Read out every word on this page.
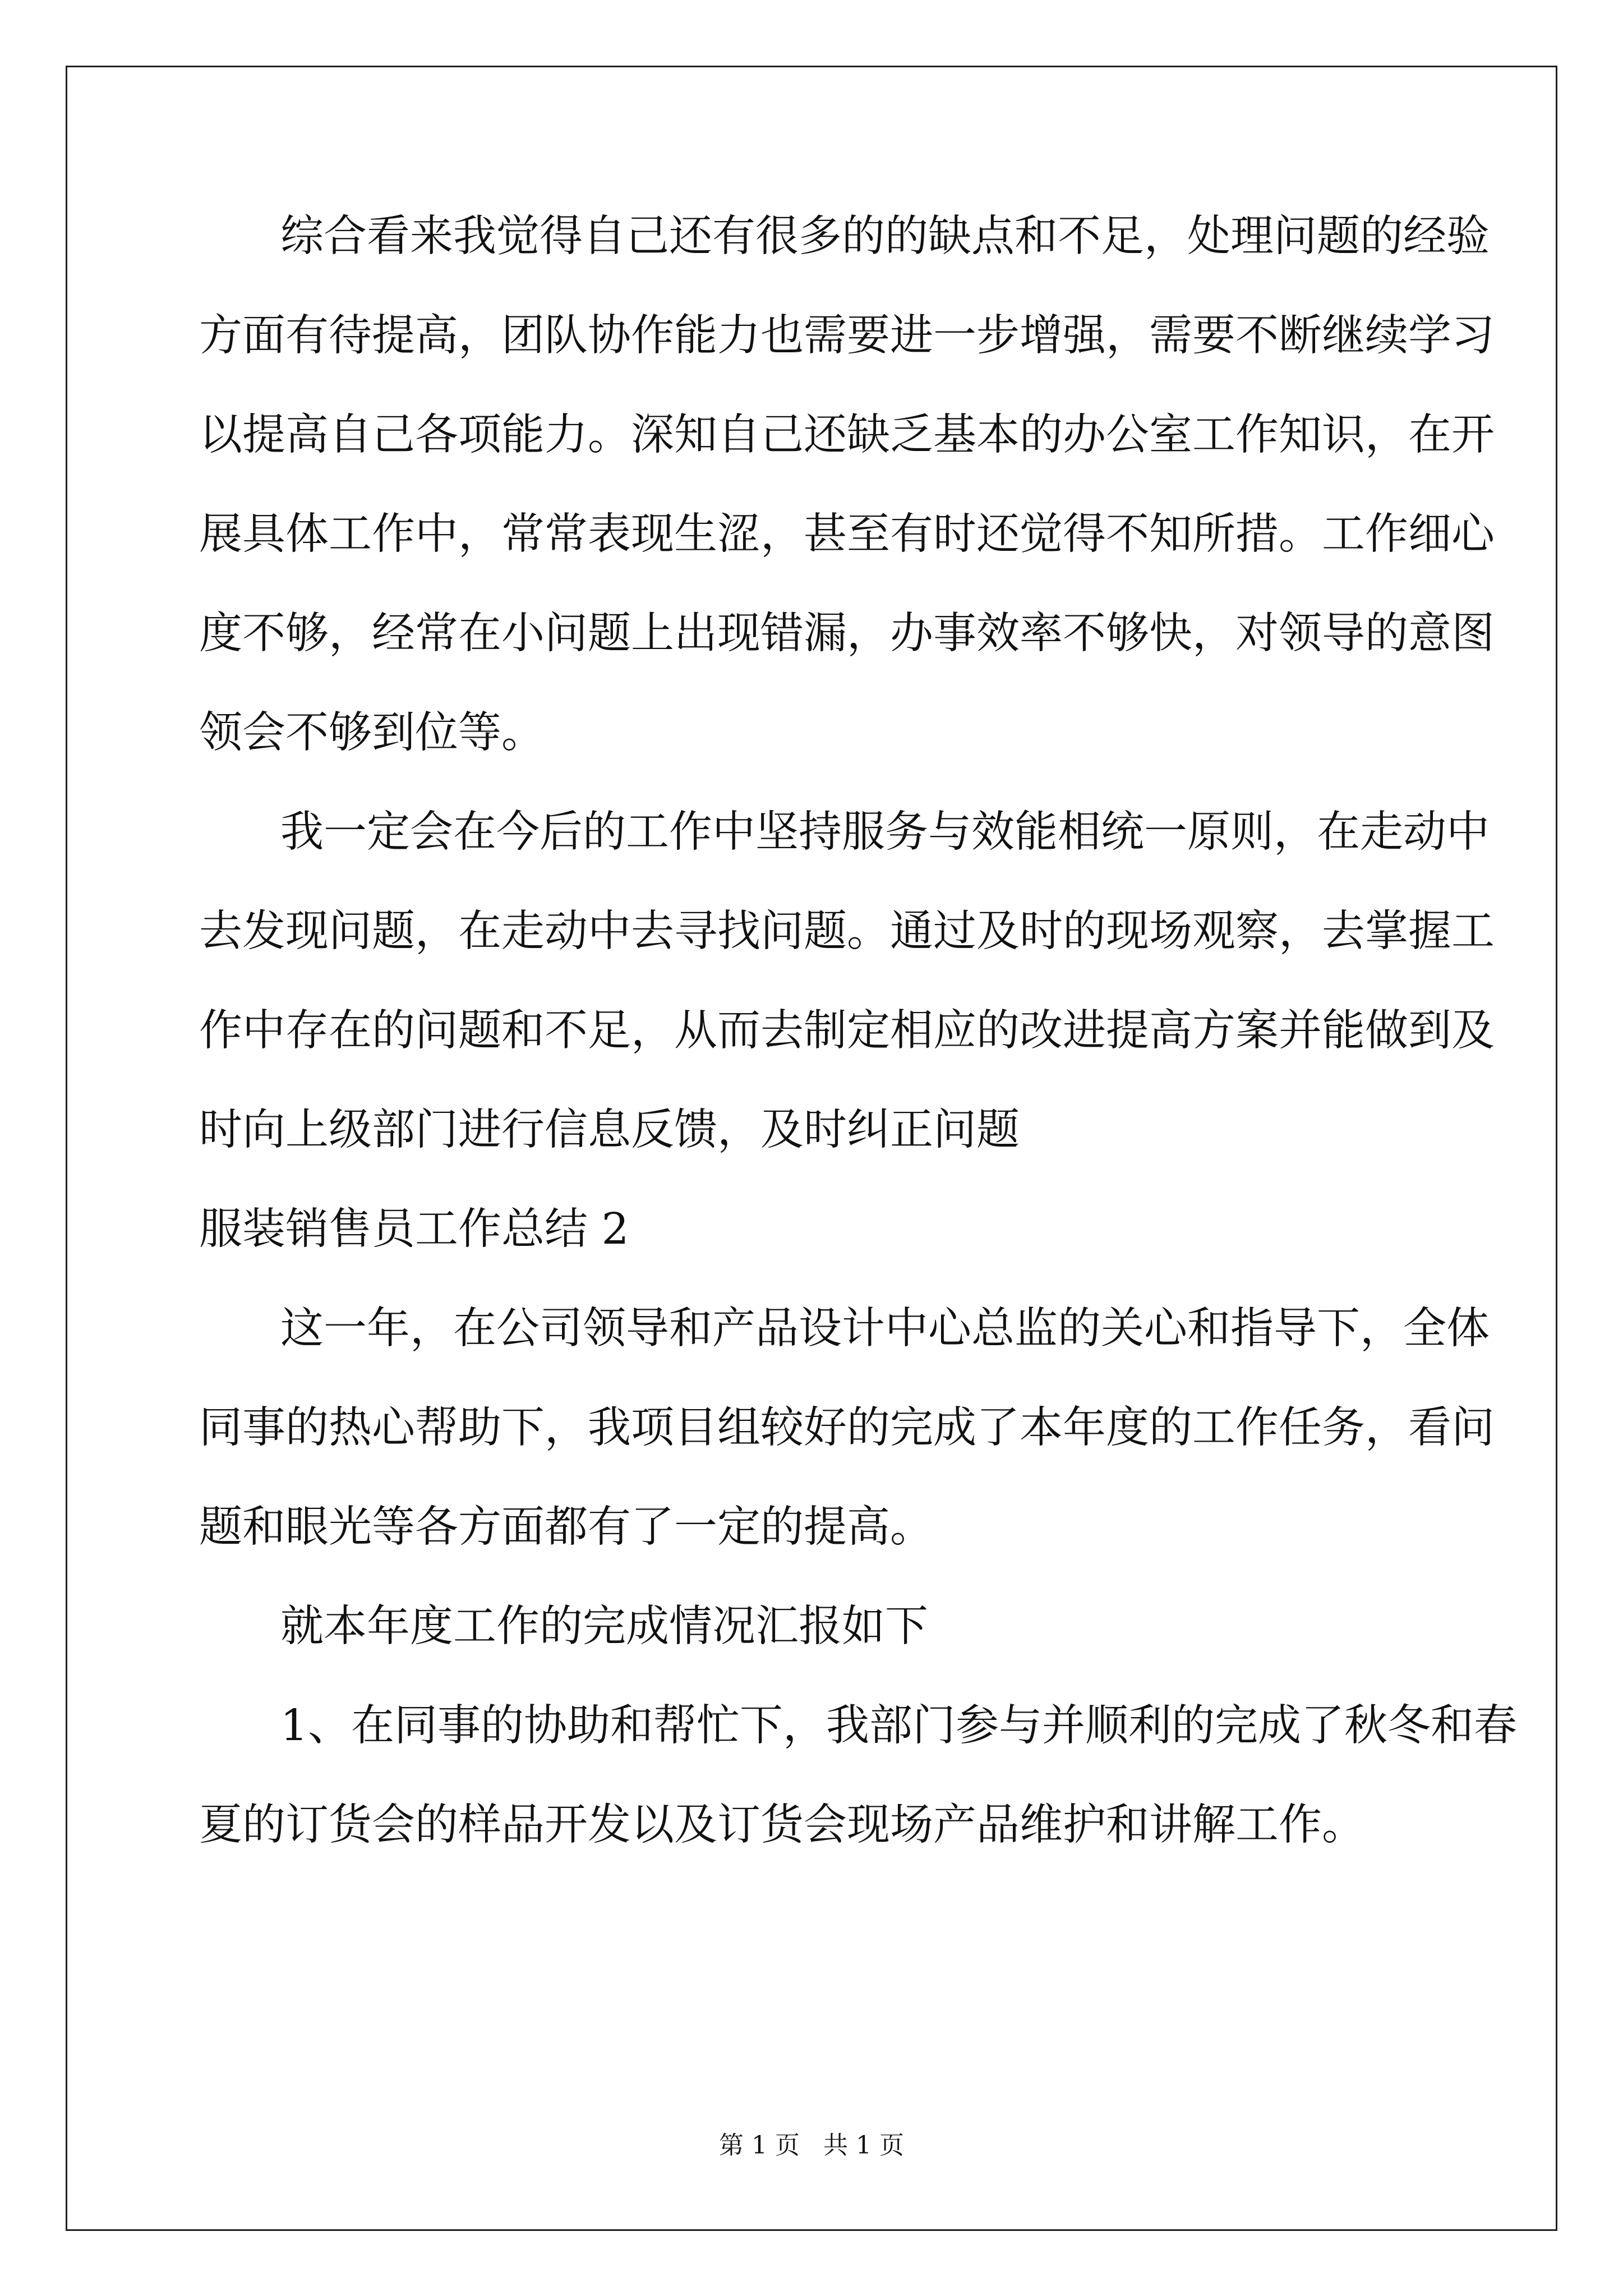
综合看来我觉得自己还有很多的的缺点和不足，处理问题的经验
方面有待提高，团队协作能力也需要进一步增强，需要不断继续学习
以提高自己各项能力。深知自己还缺乏基本的办公室工作知识，在开
展具体工作中，常常表现生涩，甚至有时还觉得不知所措。工作细心
度不够，经常在小问题上出现错漏，办事效率不够快，对领导的意图
领会不够到位等。
我一定会在今后的工作中坚持服务与效能相统一原则，在走动中
去发现问题，在走动中去寻找问题。通过及时的现场观察，去掌握工
作中存在的问题和不足，从而去制定相应的改进提高方案并能做到及
时向上级部门进行信息反馈，及时纠正问题
服装销售员工作总结 2
这一年，在公司领导和产品设计中心总监的关心和指导下，全体
同事的热心帮助下，我项目组较好的完成了本年度的工作任务，看问
题和眼光等各方面都有了一定的提高。
就本年度工作的完成情况汇报如下
1、在同事的协助和帮忙下，我部门参与并顺利的完成了秋冬和春
夏的订货会的样品开发以及订货会现场产品维护和讲解工作。
第 1 页   共 1 页
